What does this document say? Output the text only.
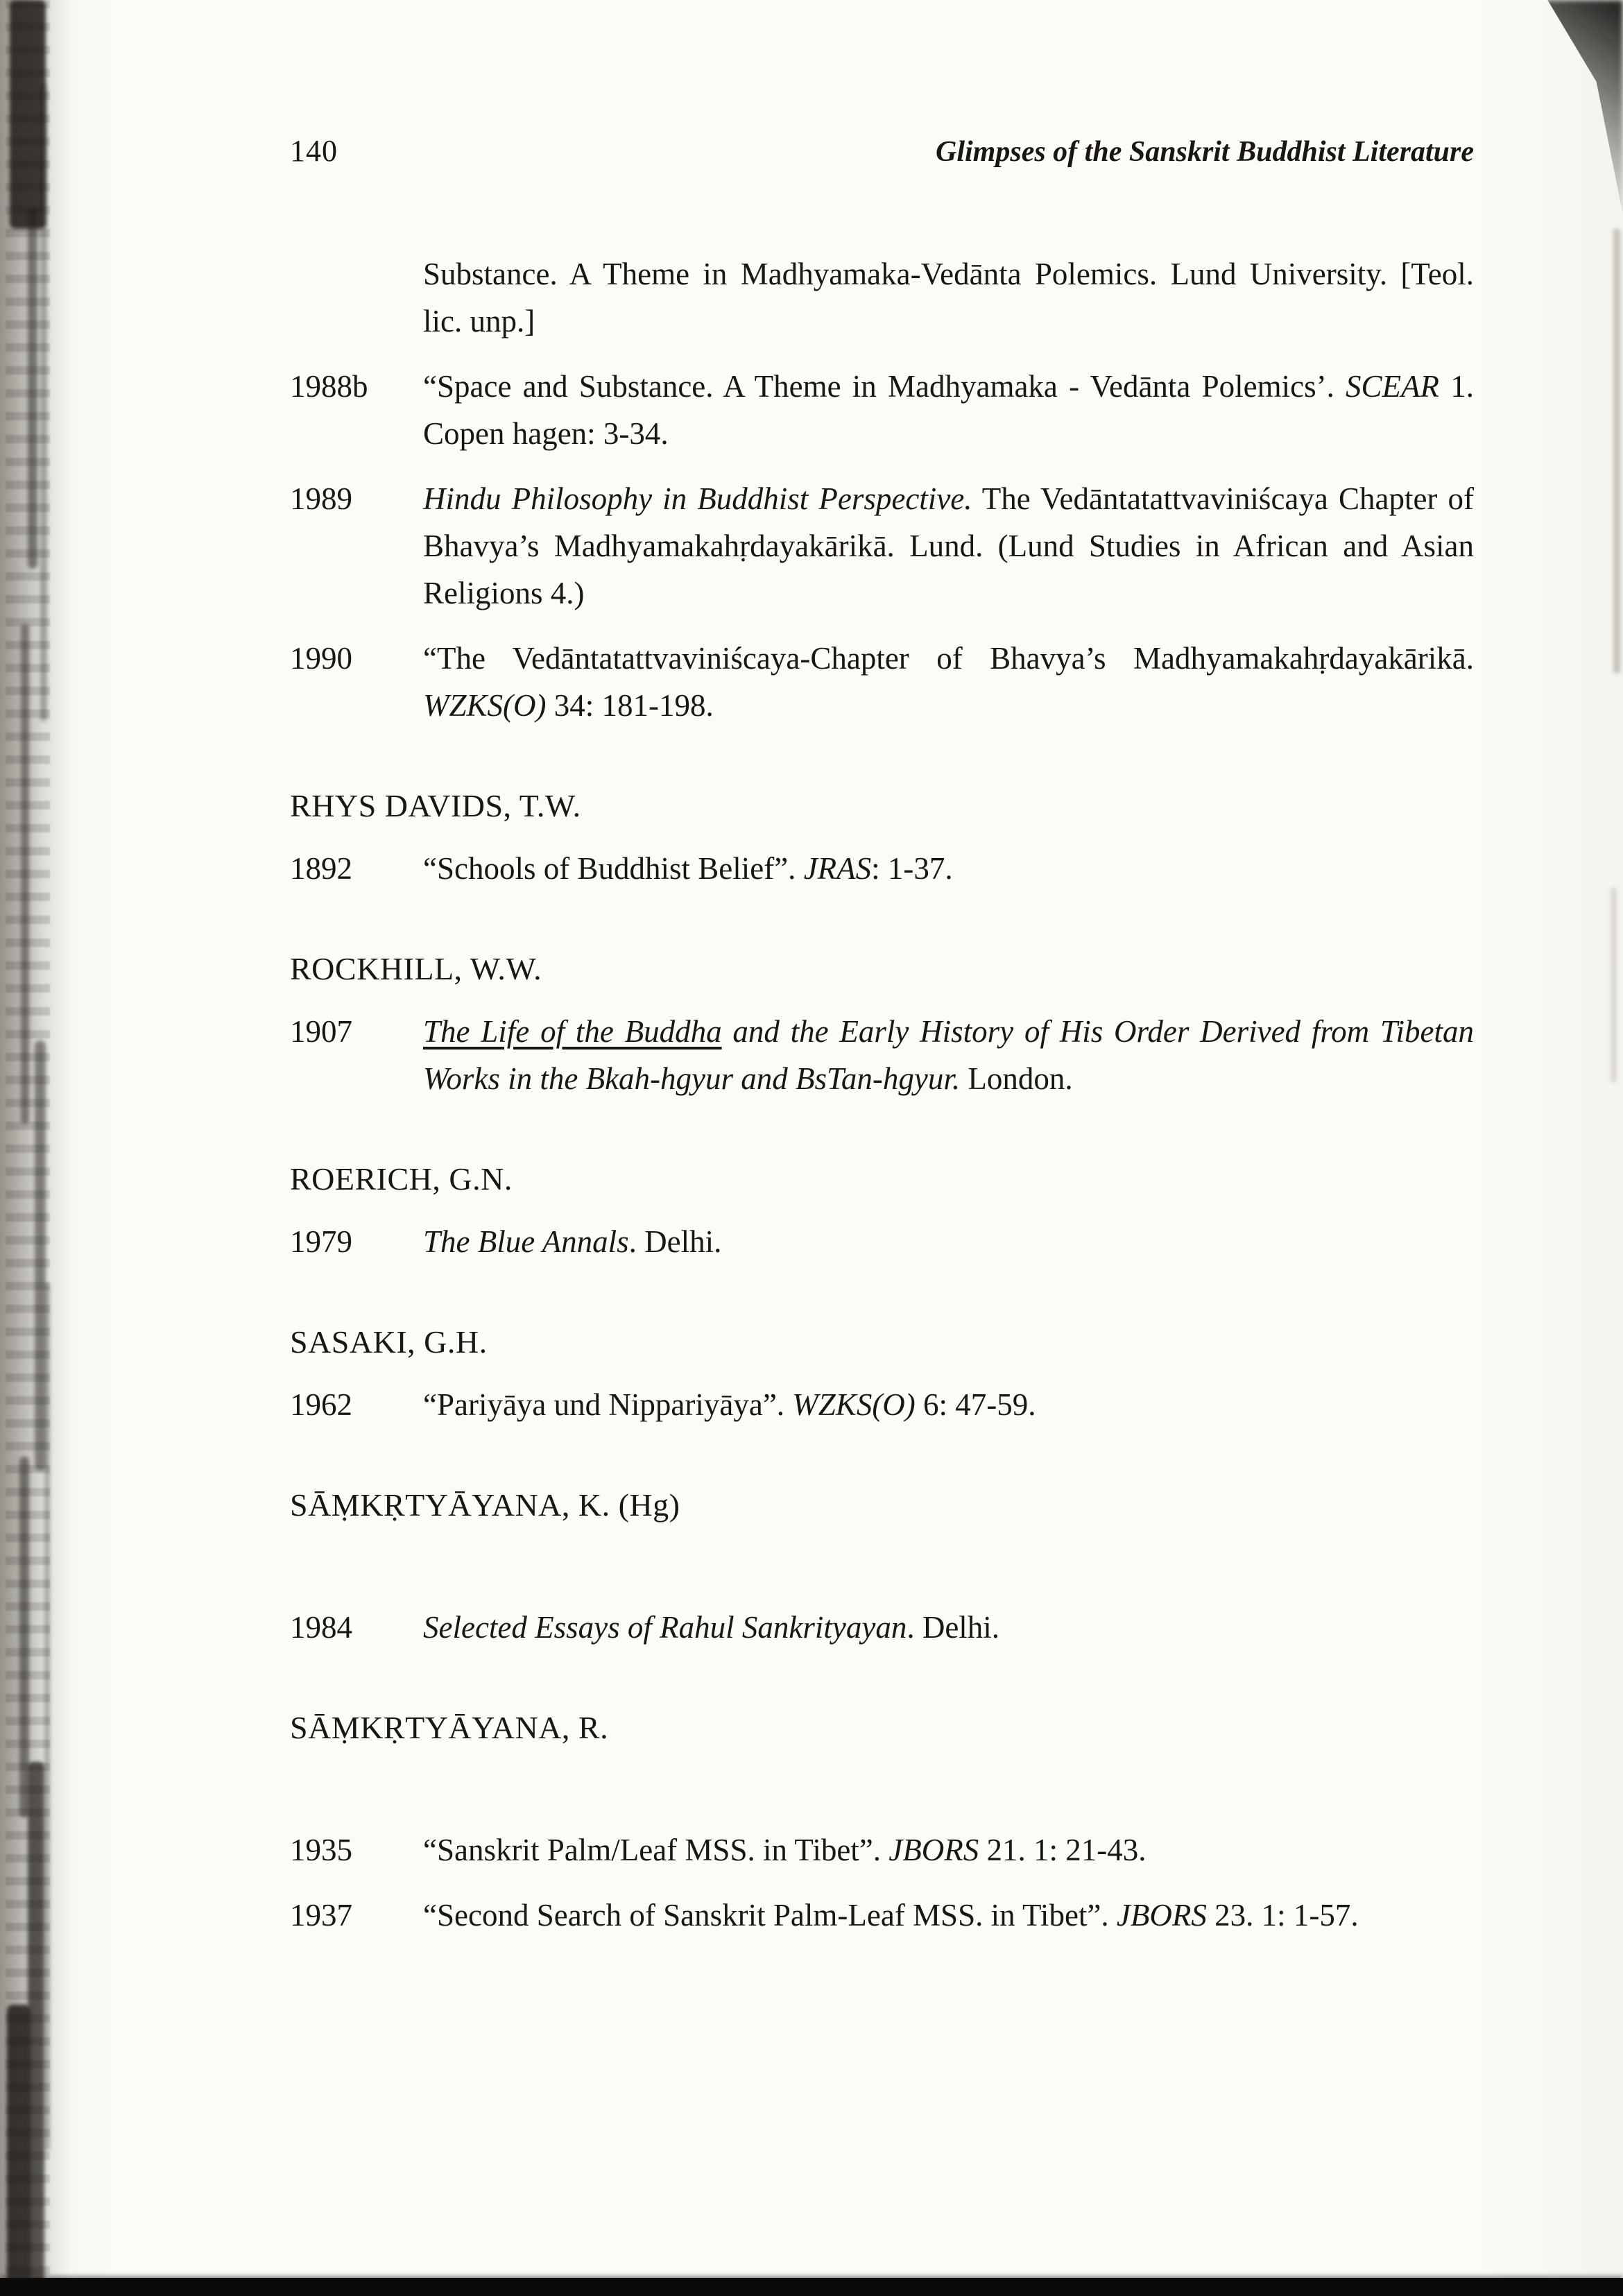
140	Glimpses of the Sanskrit Buddhist Literature

Substance. A Theme in Madhyamaka-Vedānta Polemics. Lund University. [Teol. lic. unp.]

1988b	“Space and Substance. A Theme in Madhyamaka - Vedānta Polemics’. SCEAR 1. Copen hagen: 3-34.

1989	Hindu Philosophy in Buddhist Perspective. The Vedāntatattvaviniścaya Chapter of Bhavya’s Madhyamakahṛdayakārikā. Lund. (Lund Studies in African and Asian Religions 4.)

1990	“The Vedāntatattvaviniścaya-Chapter of Bhavya’s Madhyamakahṛdayakārikā. WZKS(O) 34: 181-198.

RHYS DAVIDS, T.W.
1892	“Schools of Buddhist Belief”. JRAS: 1-37.

ROCKHILL, W.W.
1907	The Life of the Buddha and the Early History of His Order Derived from Tibetan Works in the Bkah-hgyur and BsTan-hgyur. London.

ROERICH, G.N.
1979	The Blue Annals. Delhi.

SASAKI, G.H.
1962	“Pariyāya und Nippariyāya”. WZKS(O) 6: 47-59.

SĀṂKṚTYĀYANA, K. (Hg)
1984	Selected Essays of Rahul Sankrityayan. Delhi.

SĀṂKṚTYĀYANA, R.
1935	“Sanskrit Palm/Leaf MSS. in Tibet”. JBORS 21. 1: 21-43.

1937	“Second Search of Sanskrit Palm-Leaf MSS. in Tibet”. JBORS 23. 1: 1-57.
